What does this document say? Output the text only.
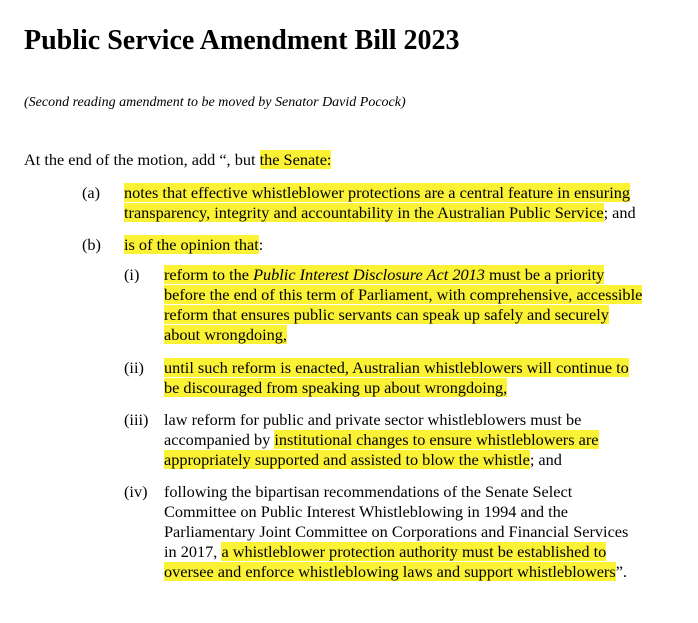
Public Service Amendment Bill 2023
(Second reading amendment to be moved by Senator David Pocock)
At the end of the motion, add “, but the Senate:
(a) notes that effective whistleblower protections are a central feature in ensuring
transparency, integrity and accountability in the Australian Public Service; and
(b) is of the opinion that:
(i) reform to the Public Interest Disclosure Act 2013 must be a priority
before the end of this term of Parliament, with comprehensive, accessible
reform that ensures public servants can speak up safely and securely
about wrongdoing,
(ii) until such reform is enacted, Australian whistleblowers will continue to
be discouraged from speaking up about wrongdoing,
(iii) law reform for public and private sector whistleblowers must be
accompanied by institutional changes to ensure whistleblowers are
appropriately supported and assisted to blow the whistle; and
(iv) following the bipartisan recommendations of the Senate Select
Committee on Public Interest Whistleblowing in 1994 and the
Parliamentary Joint Committee on Corporations and Financial Services
in 2017, a whistleblower protection authority must be established to
oversee and enforce whistleblowing laws and support whistleblowers”.
